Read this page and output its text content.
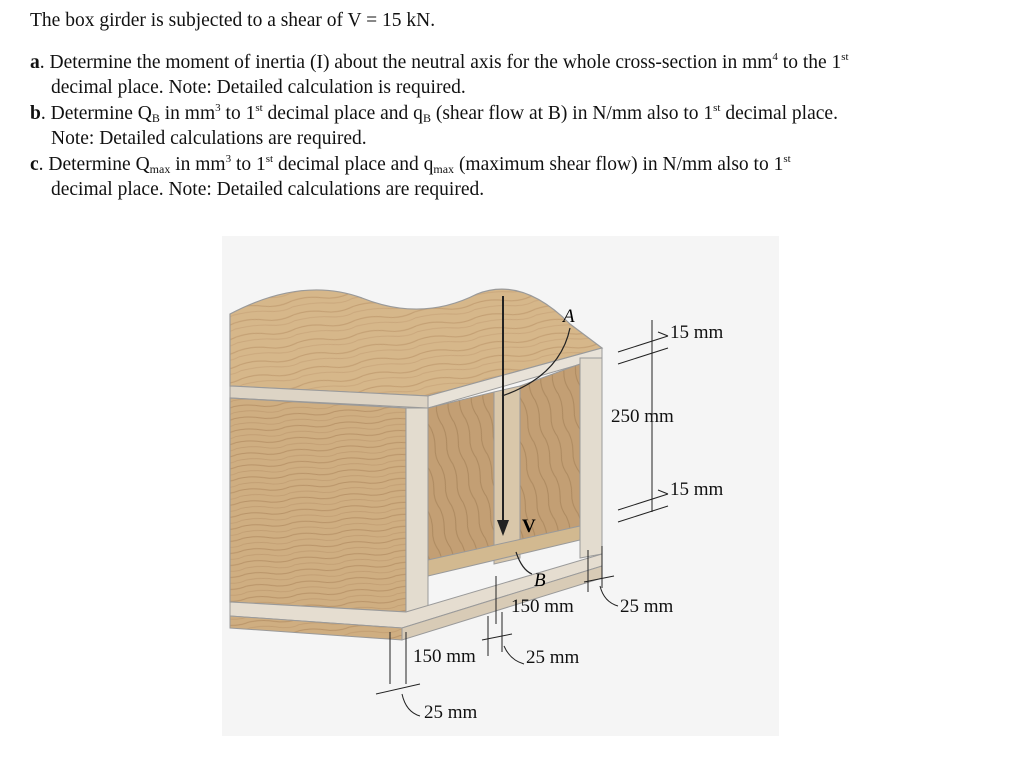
The box girder is subjected to a shear of V = 15 kN.

a. Determine the moment of inertia (I) about the neutral axis for the whole cross-section in $mm^4$ to the 1st

decimal place. Note: Detailed calculation is required.

b. Determine $Q_B$ in $mm^3$ to 1st decimal place and $q_B$ (shear flow at B) in N/mm also to 1st decimal place.

Note: Detailed calculations are required.

c. Determine $Q_{max}$ in $mm^3$ to 1st decimal place and $q_{max}$ (maximum shear flow) in N/mm also to 1st

decimal place. Note: Detailed calculations are required.

V
A
B
15 mm
250 mm
15 mm
150 mm 25 mm
150 mm	25 mm
25 mm
